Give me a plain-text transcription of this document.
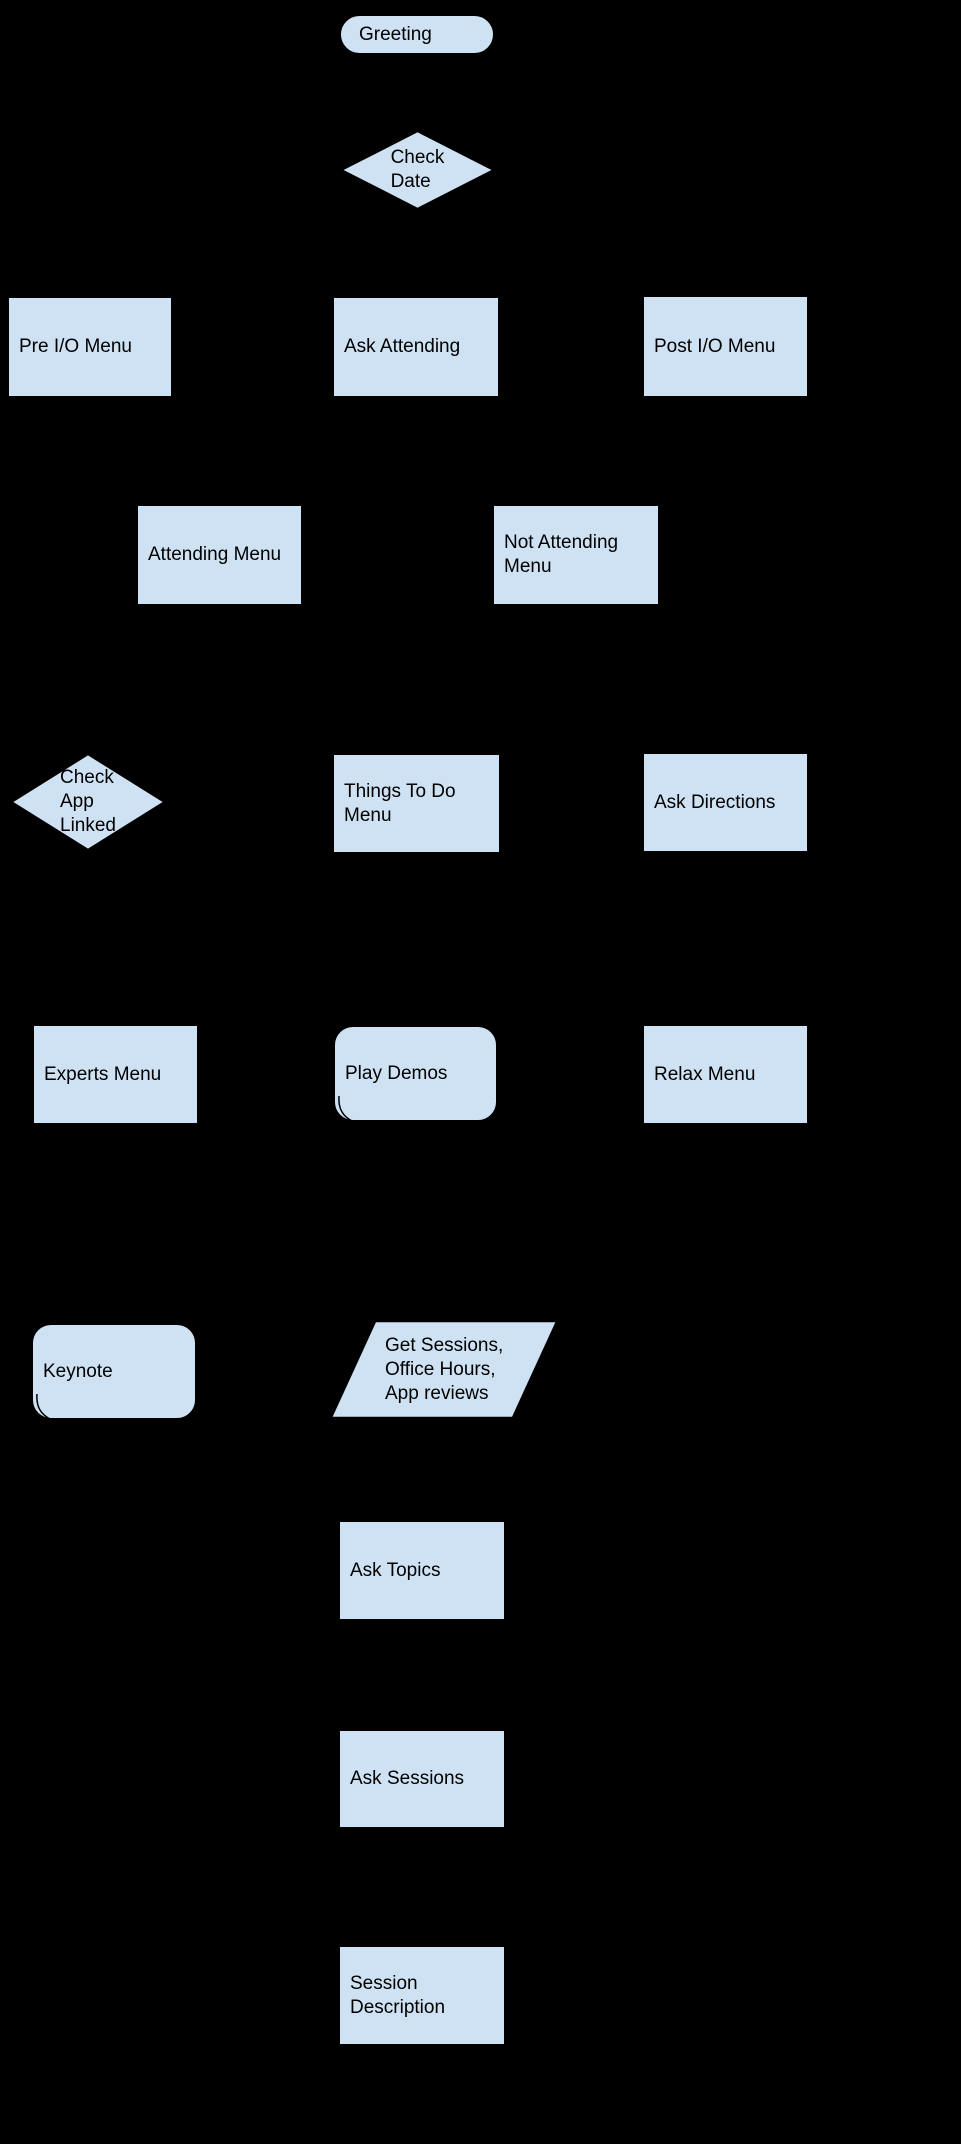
Greeting
Check
Date
Pre I/O Menu	Ask Attending	Post I/O Menu
Attending Menu
Not Attending Menu
Check
App
Linked
Things To Do
Menu
Ask Directions
Experts Menu	Play Demos	Relax Menu
Keynote
Get Sessions,
Office Hours,
App reviews
Ask Topics
Ask Sessions
Session
Description
